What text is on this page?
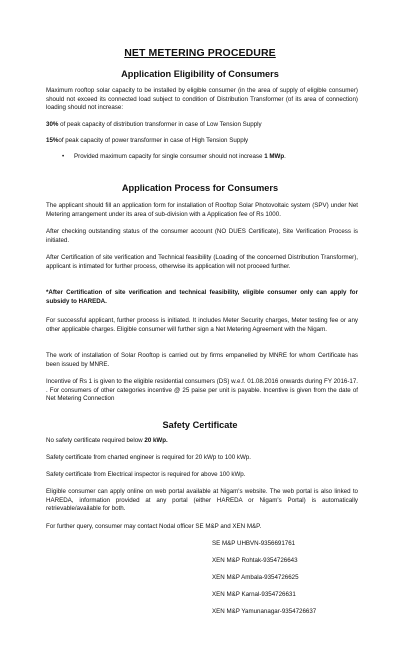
NET METERING PROCEDURE
Application Eligibility of Consumers

Maximum rooftop solar capacity to be installed by eligible consumer (in the area of supply of eligible consumer) should not exceed its connected load subject to condition of Distribution Transformer (of its area of connection) loading should not increase:

30% of peak capacity of distribution transformer in case of Low Tension Supply

15%of peak capacity of power transformer in case of High Tension Supply

• Provided maximum capacity for single consumer should not increase 1 MWp.
Application Process for Consumers

The applicant should fill an application form for installation of Rooftop Solar Photovoltaic system (SPV) under Net Metering arrangement under its area of sub-division with a Application fee of Rs 1000.

After checking outstanding status of the consumer account (NO DUES Certificate), Site Verification Process is initiated.

After Certification of site verification and Technical feasibility (Loading of the concerned Distribution Transformer), applicant is intimated for further process, otherwise its application will not proceed further.

*After Certification of site verification and technical feasibility, eligible consumer only can apply for subsidy to HAREDA.

For successful applicant, further process is initiated. It includes Meter Security charges, Meter testing fee or any other applicable charges. Eligible consumer will further sign a Net Metering Agreement with the Nigam.

The work of installation of Solar Rooftop is carried out by firms empanelled by MNRE for whom Certificate has been issued by MNRE.

Incentive of Rs 1 is given to the eligible residential consumers (DS) w.e.f. 01.08.2016 onwards during FY 2016-17. . For consumers of other categories incentive @ 25 paise per unit is payable. Incentive is given from the date of Net Metering Connection

Safety Certificate

No safety certificate required below 20 kWp.

Safety certificate from charted engineer is required for 20 kWp to 100 kWp.

Safety certificate from Electrical inspector is required for above 100 kWp.

Eligible consumer can apply online on web portal available at Nigam's website. The web portal is also linked to HAREDA, information provided at any portal (either HAREDA or Nigam's Portal) is automatically retrievable/available for both.

For further query, consumer may contact Nodal officer SE M&P and XEN M&P.

SE M&P UHBVN-9356691761
XEN M&P Rohtak-9354726643
XEN M&P Ambala-9354726625
XEN M&P Karnal-9354726631
XEN M&P Yamunanagar-9354726637
